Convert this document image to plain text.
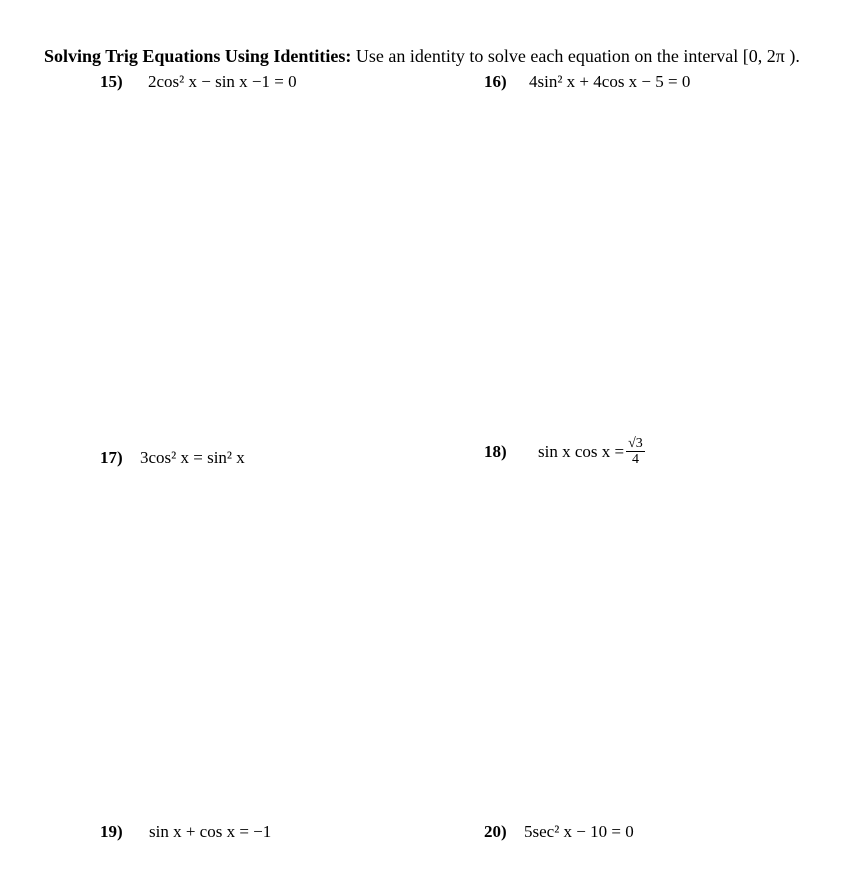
Solving Trig Equations Using Identities: Use an identity to solve each equation on the interval [0, 2π ).
15)	2cos² x − sin x −1 = 0	16)	4sin² x + 4cos x − 5 = 0
17)	3cos² x = sin² x	18)	sin x $\cos x = \frac{√3}{4}$
19)	sin x + cos x = −1	20)	5sec² x − 10 = 0
